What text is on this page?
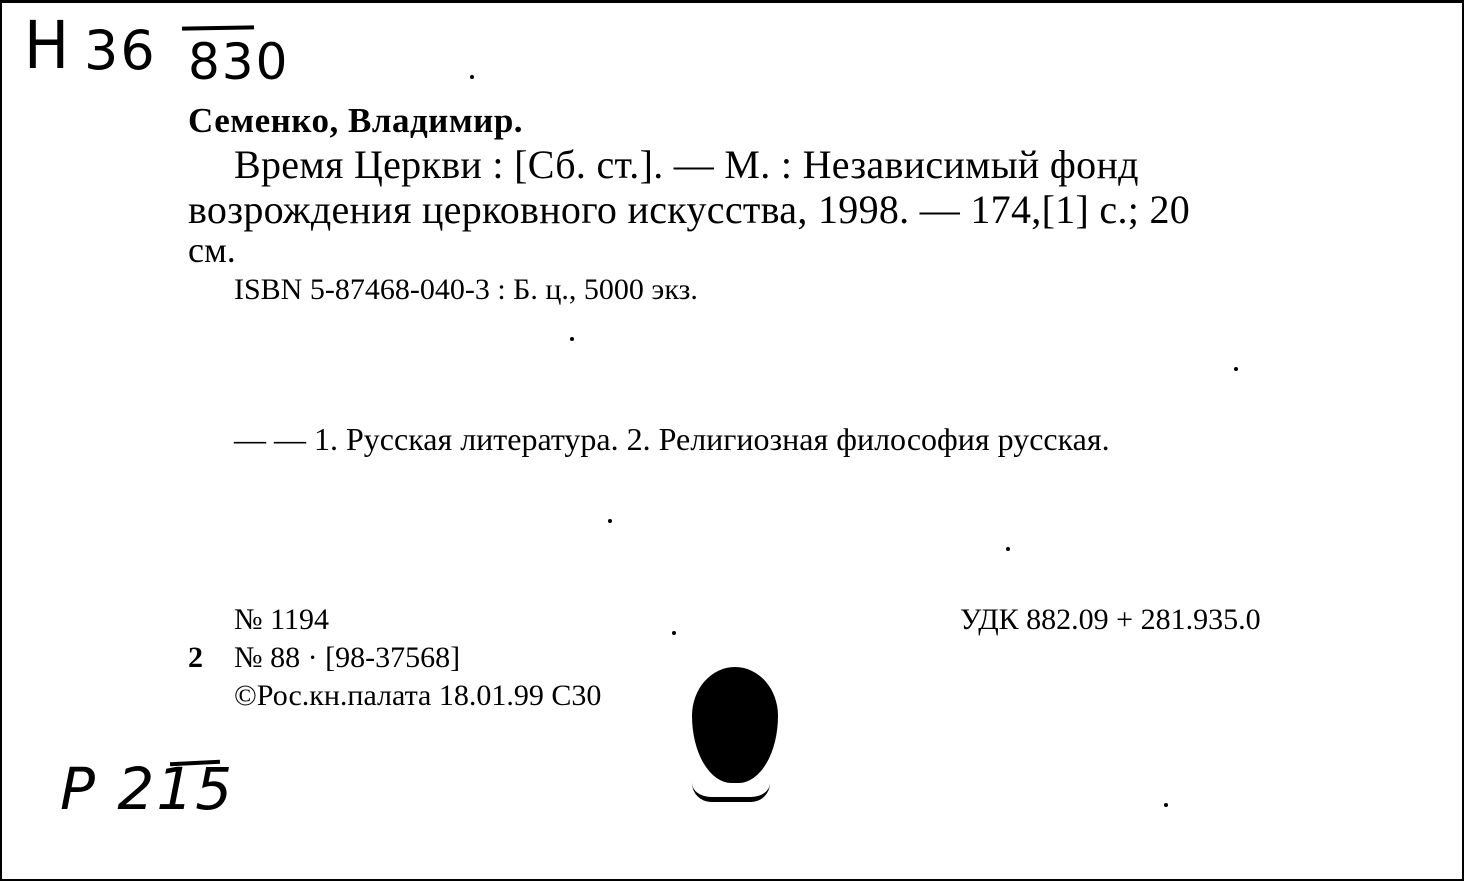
Н 36 830
Семенко, Владимир.
Время Церкви : [Сб. ст.]. — М. : Независимый фонд
возрождения церковного искусства, 1998. — 174,[1] с.; 20
см.
ISBN 5-87468-040-3 : Б. ц., 5000 экз.
— — 1. Русская литература. 2. Религиозная философия русская.
№ 1194	УДК 882.09 + 281.935.0
2 № 88 · [98-37568]
©Рос.кн.палата 18.01.99 С30
Р 215
